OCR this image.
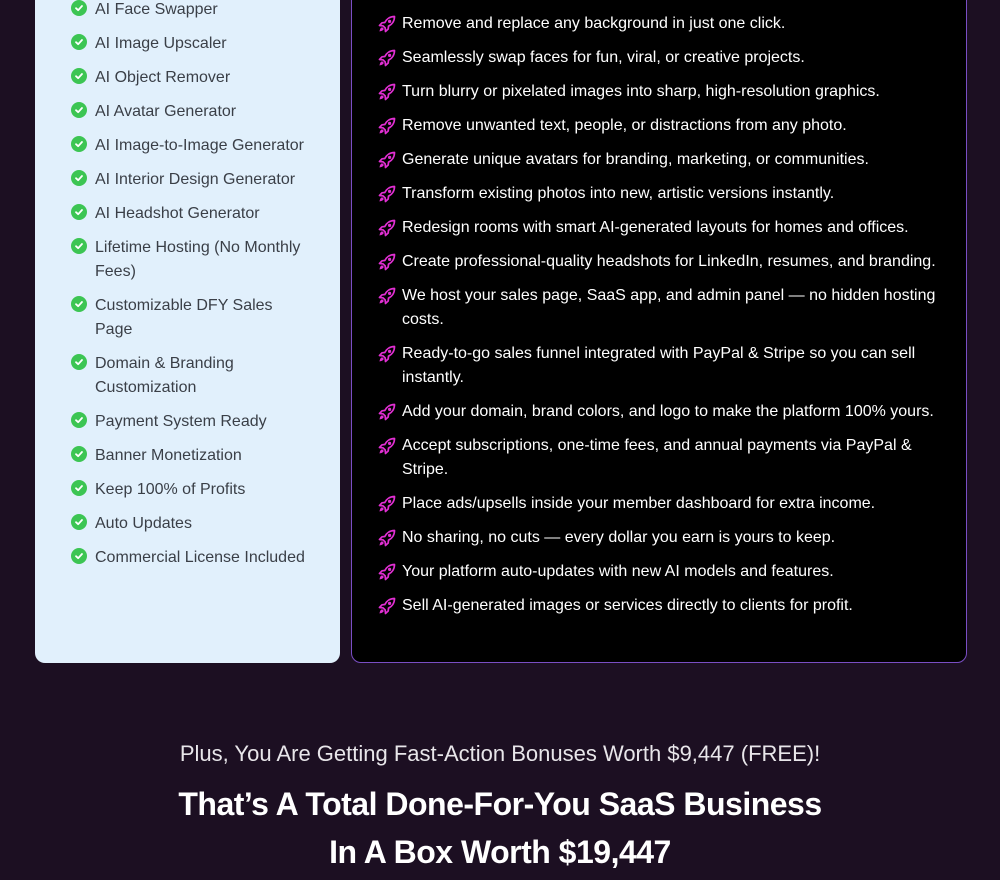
AI Face Swapper
AI Image Upscaler
AI Object Remover
AI Avatar Generator
AI Image-to-Image Generator
AI Interior Design Generator
AI Headshot Generator
Lifetime Hosting (No Monthly Fees)
Customizable DFY Sales Page
Domain & Branding Customization
Payment System Ready
Banner Monetization
Keep 100% of Profits
Auto Updates
Commercial License Included
Remove and replace any background in just one click.
Seamlessly swap faces for fun, viral, or creative projects.
Turn blurry or pixelated images into sharp, high-resolution graphics.
Remove unwanted text, people, or distractions from any photo.
Generate unique avatars for branding, marketing, or communities.
Transform existing photos into new, artistic versions instantly.
Redesign rooms with smart AI-generated layouts for homes and offices.
Create professional-quality headshots for LinkedIn, resumes, and branding.
We host your sales page, SaaS app, and admin panel — no hidden hosting costs.
Ready-to-go sales funnel integrated with PayPal & Stripe so you can sell instantly.
Add your domain, brand colors, and logo to make the platform 100% yours.
Accept subscriptions, one-time fees, and annual payments via PayPal & Stripe.
Place ads/upsells inside your member dashboard for extra income.
No sharing, no cuts — every dollar you earn is yours to keep.
Your platform auto-updates with new AI models and features.
Sell AI-generated images or services directly to clients for profit.

Plus, You Are Getting Fast-Action Bonuses Worth $9,447 (FREE)!

That’s A Total Done-For-You SaaS Business
In A Box Worth $19,447
